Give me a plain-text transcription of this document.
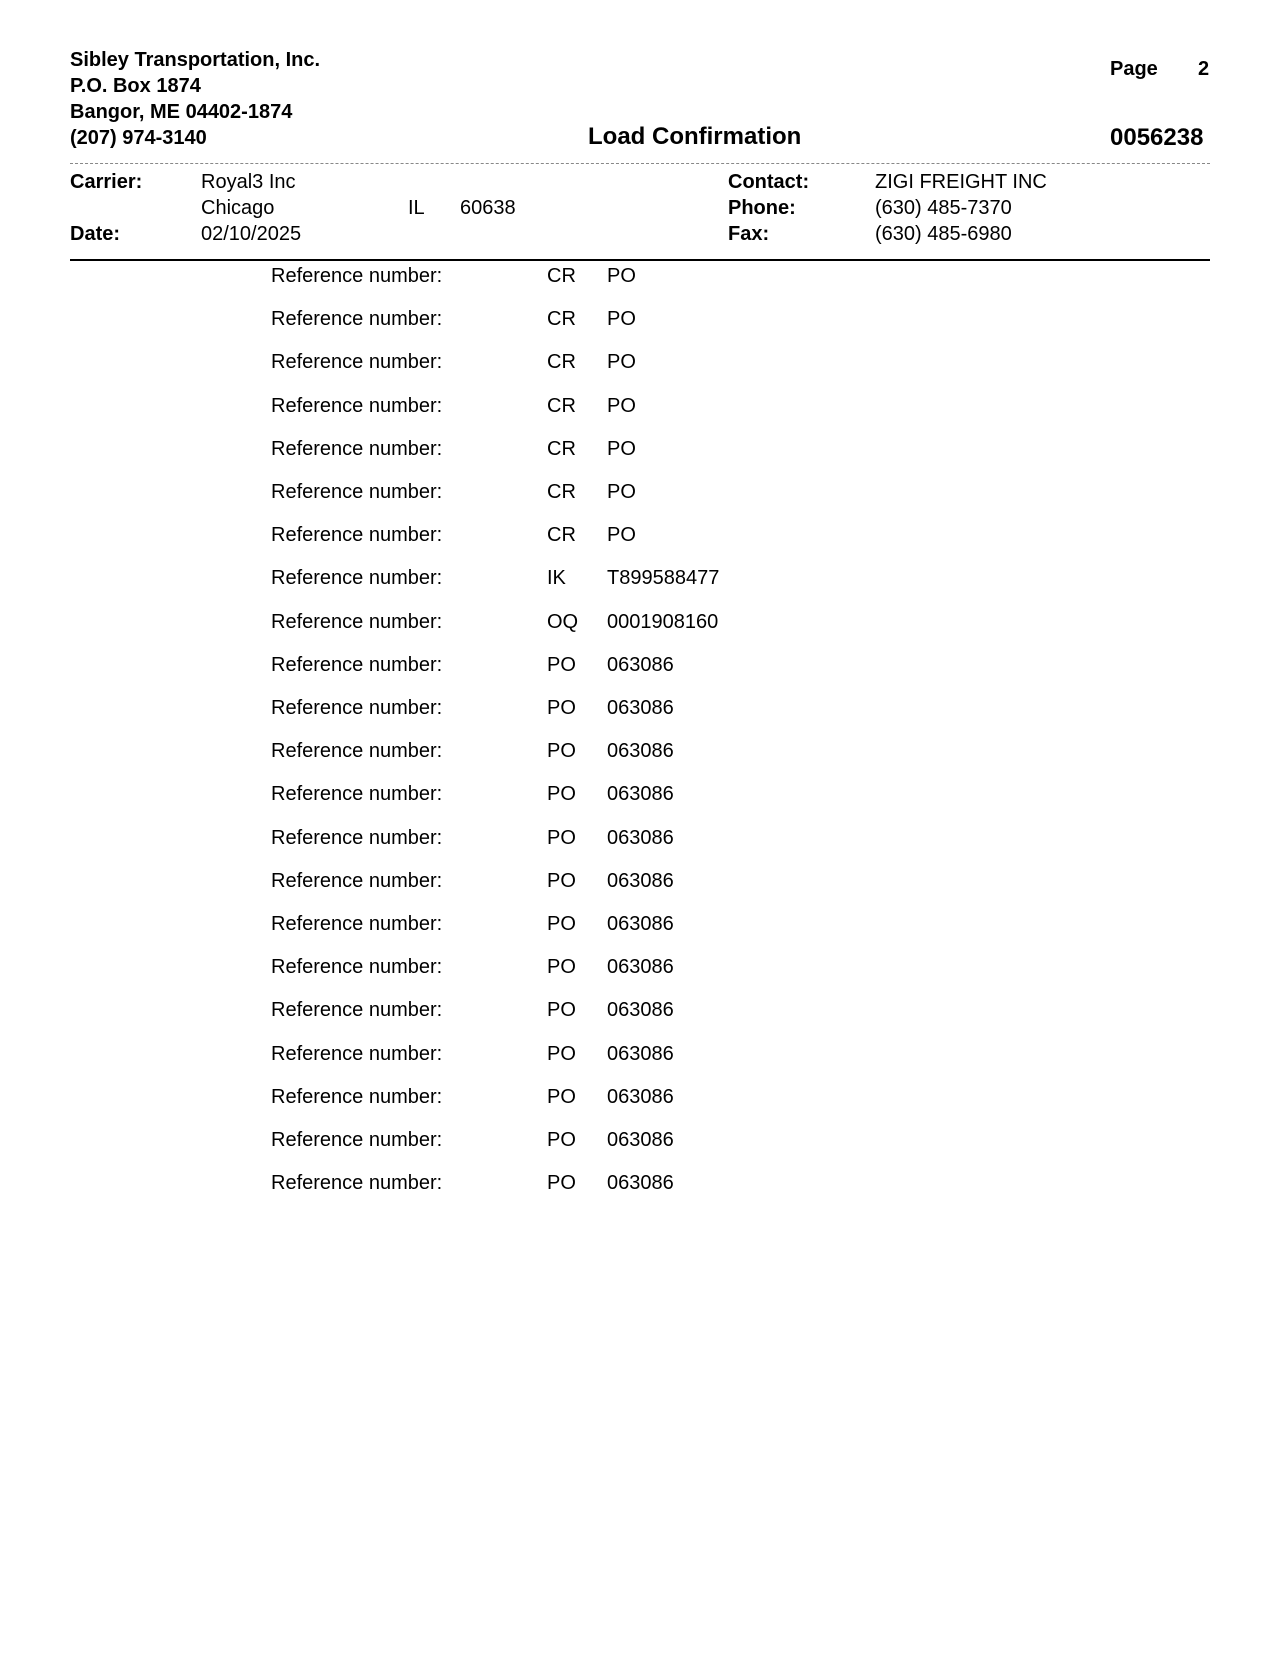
Sibley Transportation, Inc.
P.O. Box 1874
Bangor, ME 04402-1874
(207) 974-3140
Page 2
Load Confirmation	0056238
Carrier:	Royal3 Inc
Chicago	IL 60638
Date:	02/10/2025
Contact:	ZIGI FREIGHT INC
Phone:	(630) 485-7370
Fax:	(630) 485-6980
Reference number:	CR PO
Reference number:	CR PO
Reference number:	CR PO
Reference number:	CR PO
Reference number:	CR PO
Reference number:	CR PO
Reference number:	CR PO
Reference number:	IK T899588477
Reference number:	OQ 0001908160
Reference number:	PO 063086
Reference number:	PO 063086
Reference number:	PO 063086
Reference number:	PO 063086
Reference number:	PO 063086
Reference number:	PO 063086
Reference number:	PO 063086
Reference number:	PO 063086
Reference number:	PO 063086
Reference number:	PO 063086
Reference number:	PO 063086
Reference number:	PO 063086
Reference number:	PO 063086
